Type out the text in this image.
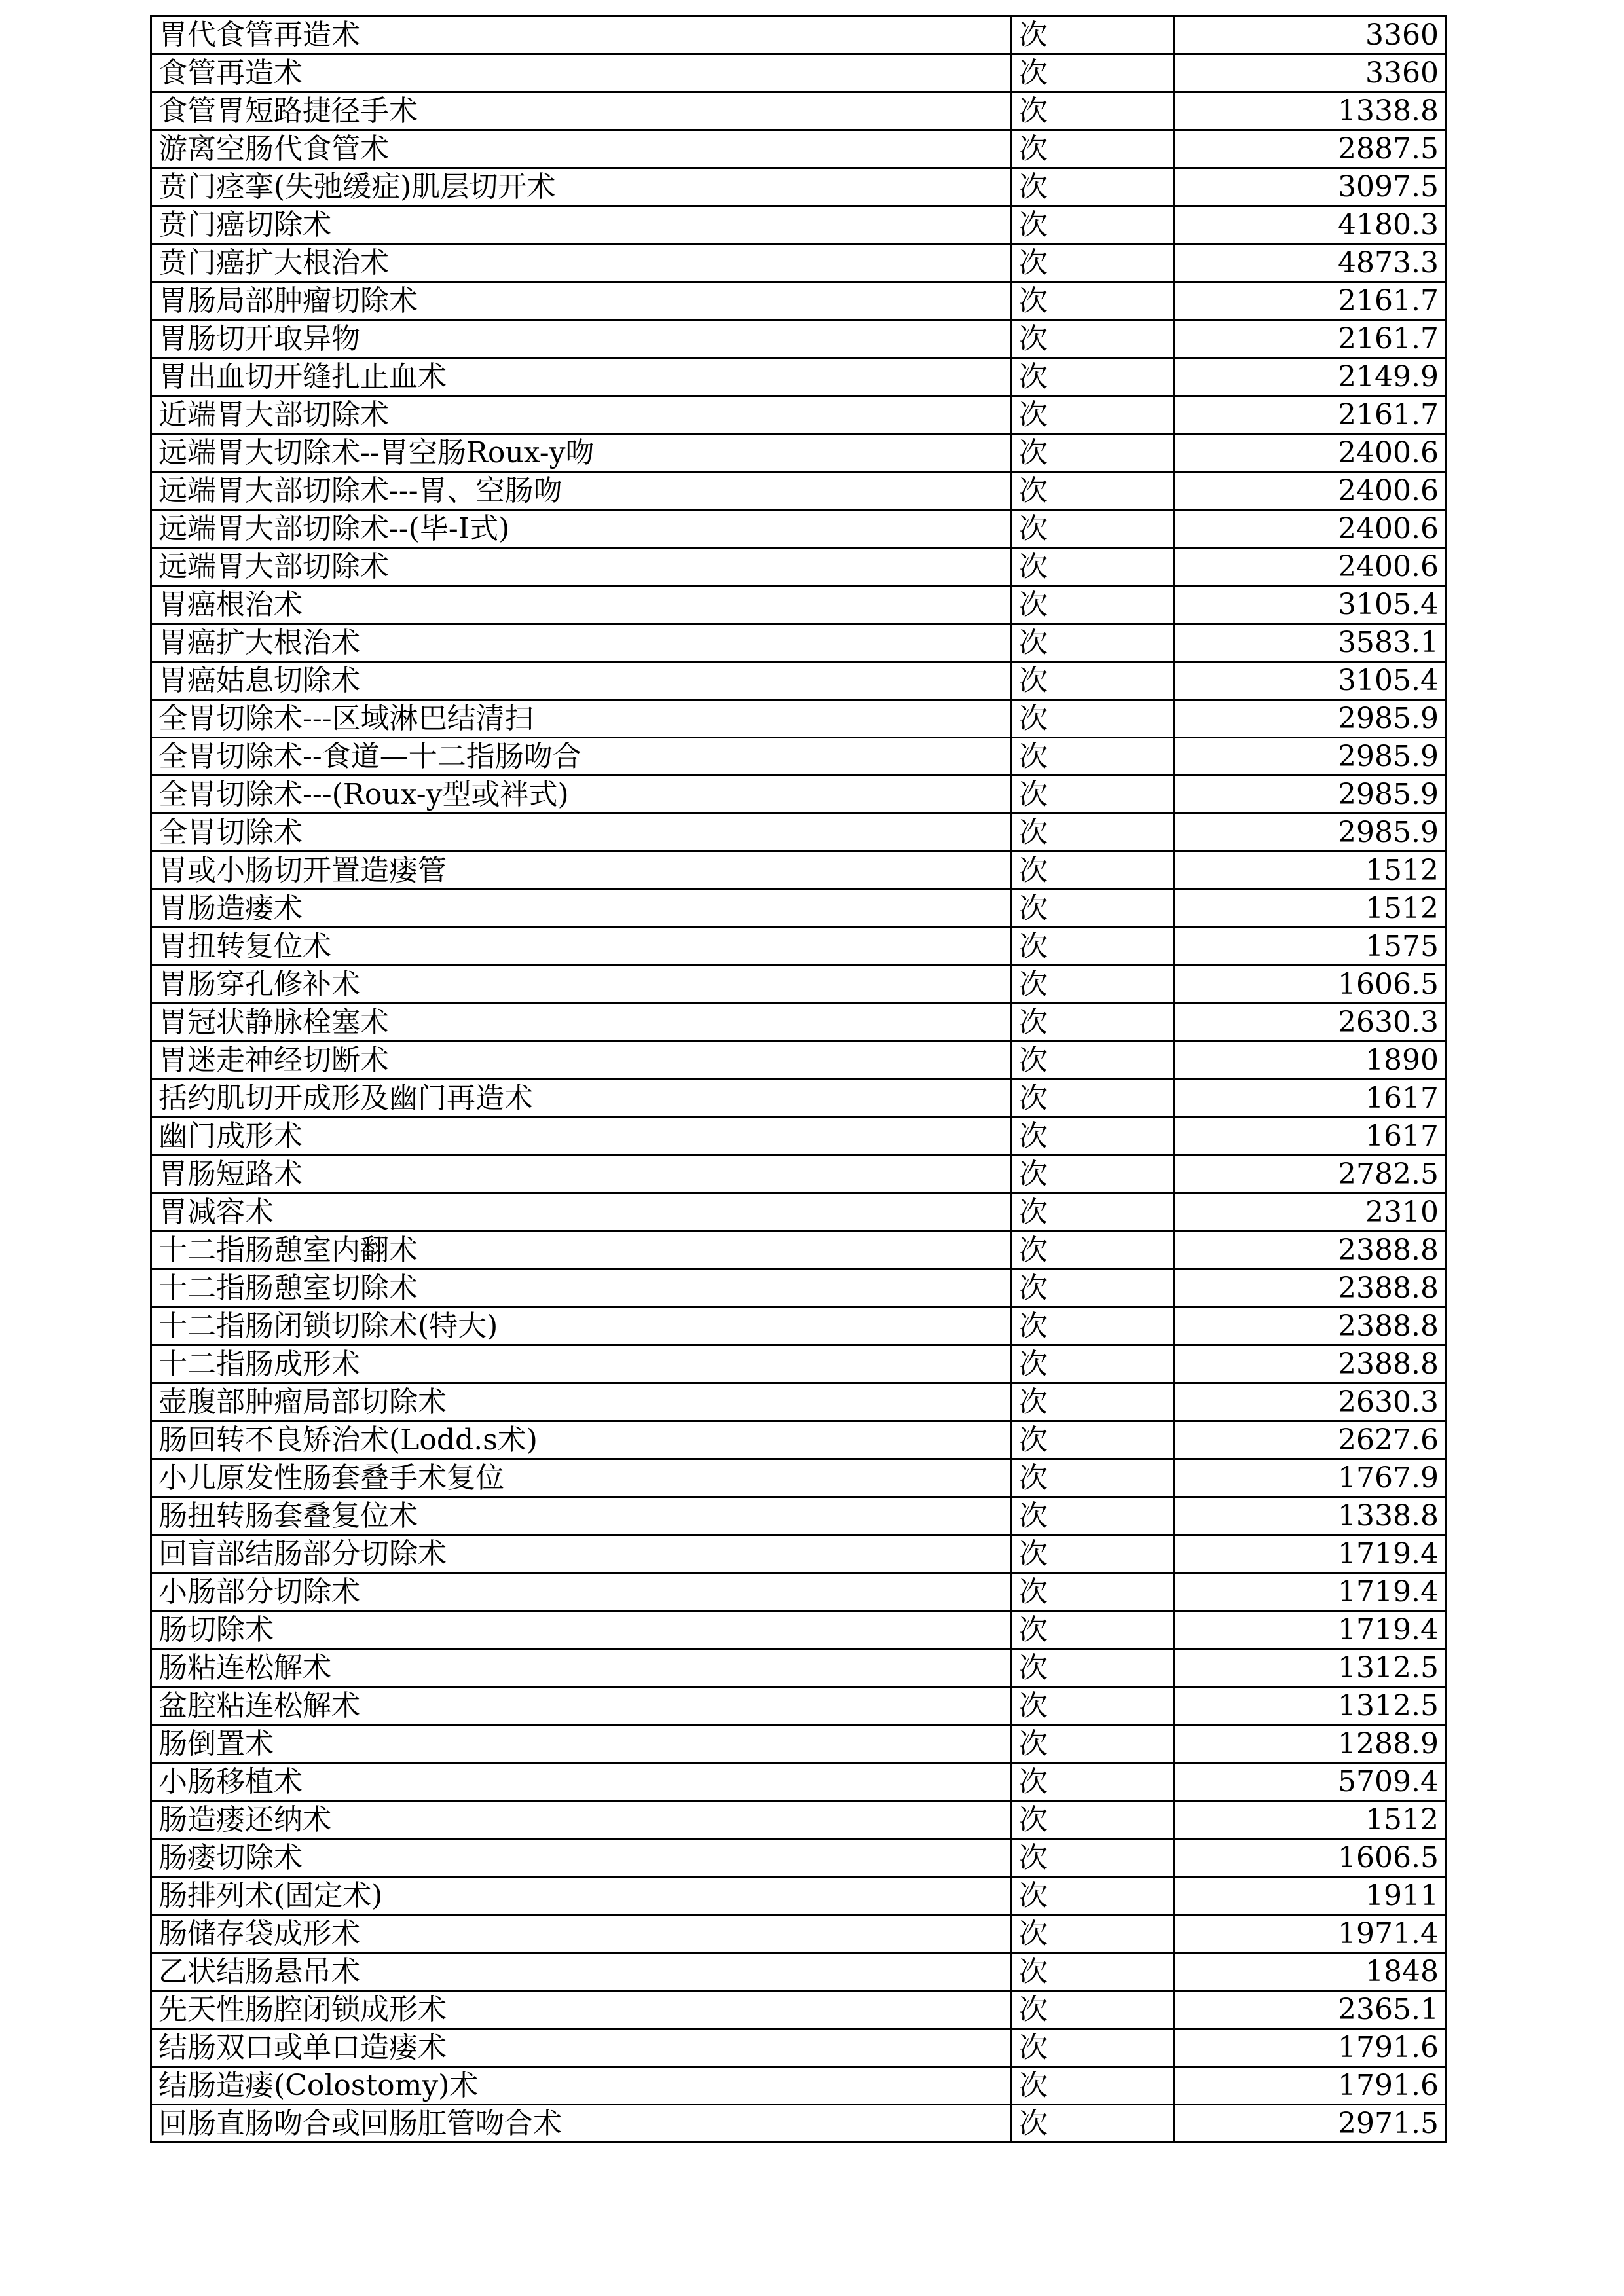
胃代食管再造术	次	3360
食管再造术	次	3360
食管胃短路捷径手术	次	1338.8
游离空肠代食管术	次	2887.5
贲门痉挛(失弛缓症)肌层切开术	次	3097.5
贲门癌切除术	次	4180.3
贲门癌扩大根治术	次	4873.3
胃肠局部肿瘤切除术	次	2161.7
胃肠切开取异物	次	2161.7
胃出血切开缝扎止血术	次	2149.9
近端胃大部切除术	次	2161.7
远端胃大切除术--胃空肠Roux-y吻	次	2400.6
远端胃大部切除术---胃、空肠吻	次	2400.6
远端胃大部切除术--(毕-I式)	次	2400.6
远端胃大部切除术	次	2400.6
胃癌根治术	次	3105.4
胃癌扩大根治术	次	3583.1
胃癌姑息切除术	次	3105.4
全胃切除术---区域淋巴结清扫	次	2985.9
全胃切除术--食道—十二指肠吻合	次	2985.9
全胃切除术---(Roux-y型或袢式)	次	2985.9
全胃切除术	次	2985.9
胃或小肠切开置造瘘管	次	1512
胃肠造瘘术	次	1512
胃扭转复位术	次	1575
胃肠穿孔修补术	次	1606.5
胃冠状静脉栓塞术	次	2630.3
胃迷走神经切断术	次	1890
括约肌切开成形及幽门再造术	次	1617
幽门成形术	次	1617
胃肠短路术	次	2782.5
胃减容术	次	2310
十二指肠憩室内翻术	次	2388.8
十二指肠憩室切除术	次	2388.8
十二指肠闭锁切除术(特大)	次	2388.8
十二指肠成形术	次	2388.8
壶腹部肿瘤局部切除术	次	2630.3
肠回转不良矫治术(Lodd.s术)	次	2627.6
小儿原发性肠套叠手术复位	次	1767.9
肠扭转肠套叠复位术	次	1338.8
回盲部结肠部分切除术	次	1719.4
小肠部分切除术	次	1719.4
肠切除术	次	1719.4
肠粘连松解术	次	1312.5
盆腔粘连松解术	次	1312.5
肠倒置术	次	1288.9
小肠移植术	次	5709.4
肠造瘘还纳术	次	1512
肠瘘切除术	次	1606.5
肠排列术(固定术)	次	1911
肠储存袋成形术	次	1971.4
乙状结肠悬吊术	次	1848
先天性肠腔闭锁成形术	次	2365.1
结肠双口或单口造瘘术	次	1791.6
结肠造瘘(Colostomy)术	次	1791.6
回肠直肠吻合或回肠肛管吻合术	次	2971.5
